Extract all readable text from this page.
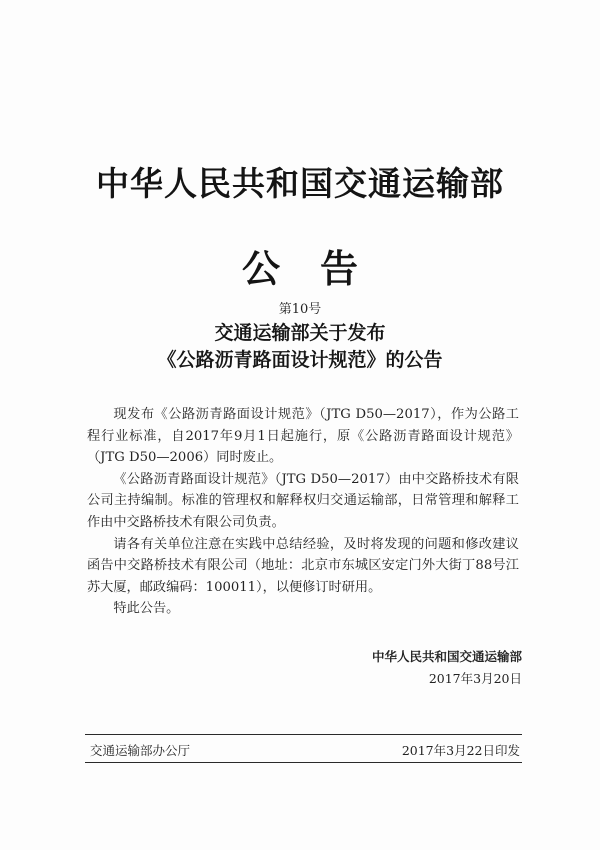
中华人民共和国交通运输部
公告
第10号
交通运输部关于发布
《公路沥青路面设计规范》的公告

现发布《公路沥青路面设计规范》（JTG D50—2017），作为公路工程行业标准，自2017年9月1日起施行，原《公路沥青路面设计规范》（JTG D50—2006）同时废止。

《公路沥青路面设计规范》（JTG D50—2017）由中交路桥技术有限公司主持编制。标准的管理权和解释权归交通运输部，日常管理和解释工作由中交路桥技术有限公司负责。

请各有关单位注意在实践中总结经验，及时将发现的问题和修改建议函告中交路桥技术有限公司（地址：北京市东城区安定门外大街丁88号江苏大厦，邮政编码：100011），以便修订时研用。

特此公告。

中华人民共和国交通运输部
2017年3月20日
交通运输部办公厅	2017年3月22日印发
